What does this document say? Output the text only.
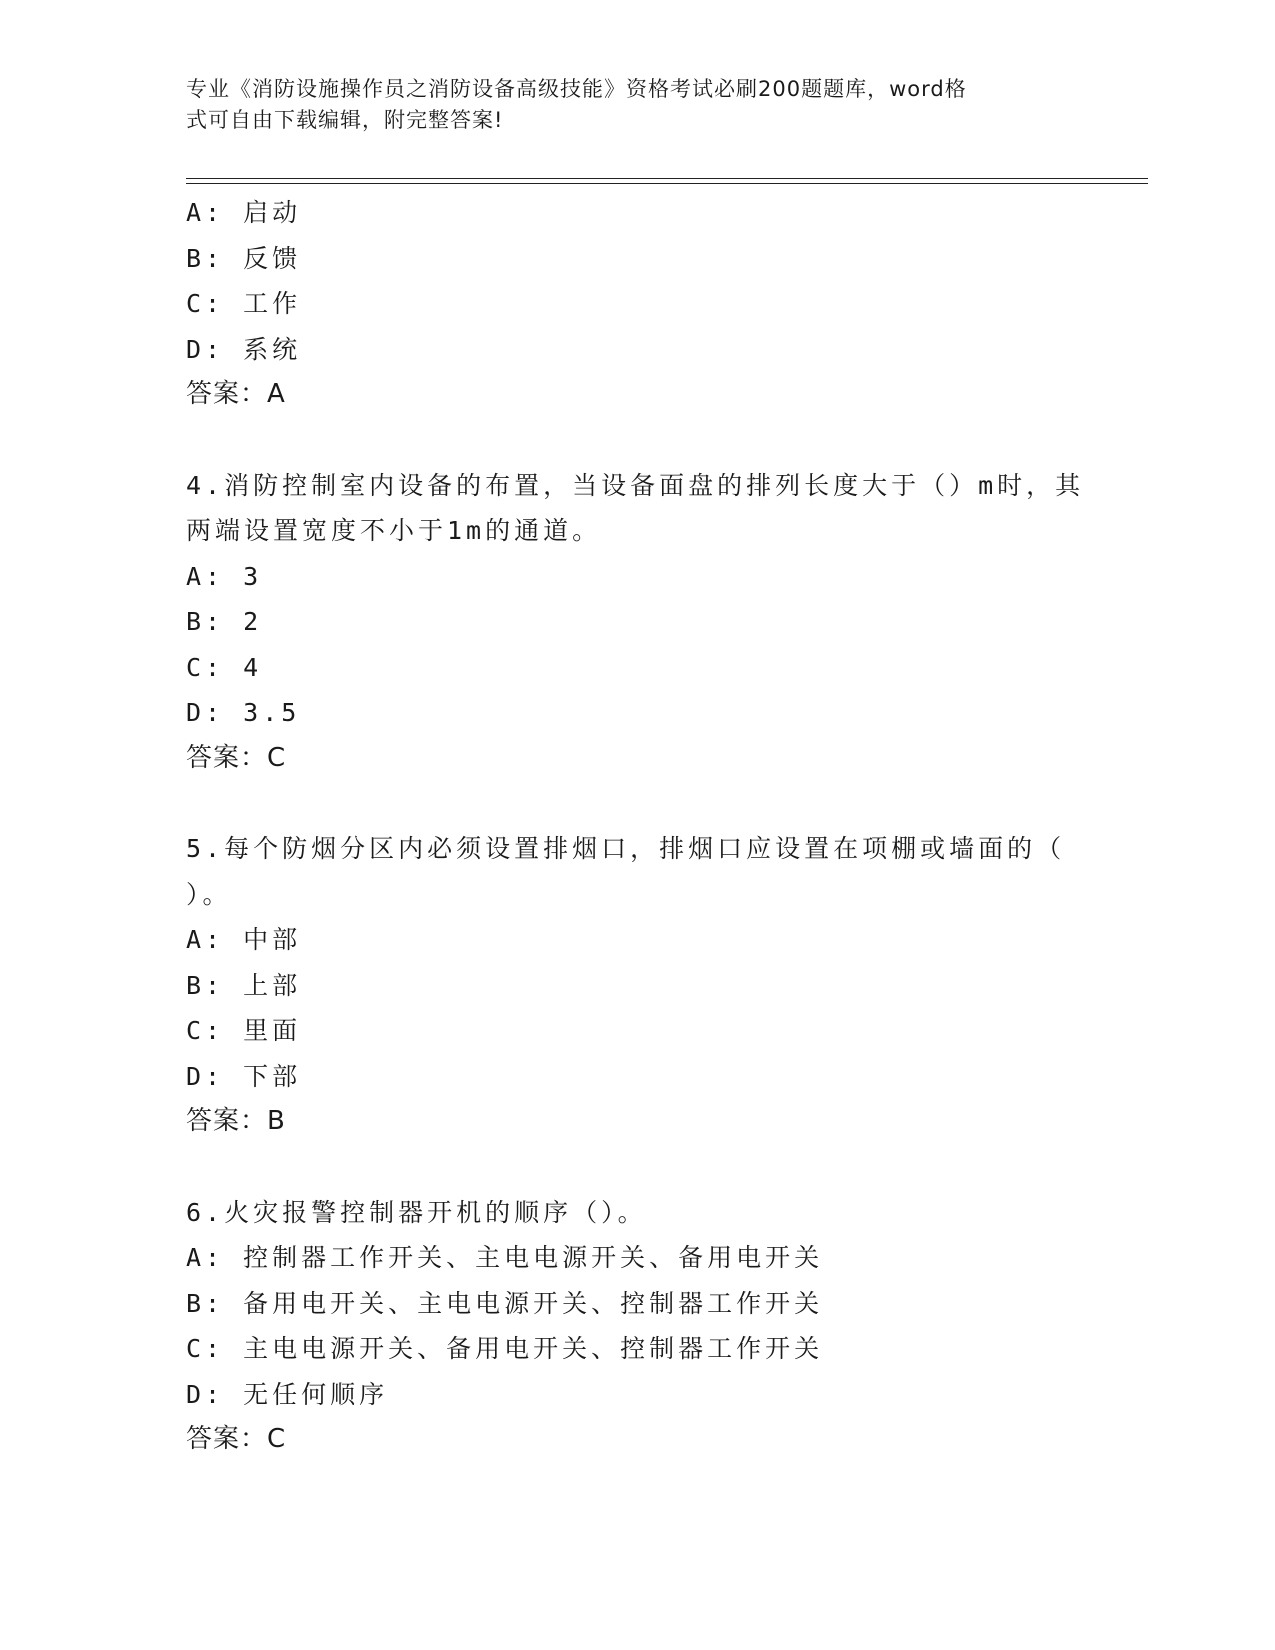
专业《消防设施操作员之消防设备高级技能》资格考试必刷200题题库，word格
式可自由下载编辑，附完整答案!
A: 启动
B: 反馈
C: 工作
D: 系统
答案：A
4.消防控制室内设备的布置，当设备面盘的排列长度大于（）m时，其
两端设置宽度不小于1m的通道。
A: 3
B: 2
C: 4
D: 3.5
答案：C
5.每个防烟分区内必须设置排烟口，排烟口应设置在项棚或墙面的（
）。
A: 中部
B: 上部
C: 里面
D: 下部
答案：B
6.火灾报警控制器开机的顺序（）。
A: 控制器工作开关、主电电源开关、备用电开关
B: 备用电开关、主电电源开关、控制器工作开关
C: 主电电源开关、备用电开关、控制器工作开关
D: 无任何顺序
答案：C
